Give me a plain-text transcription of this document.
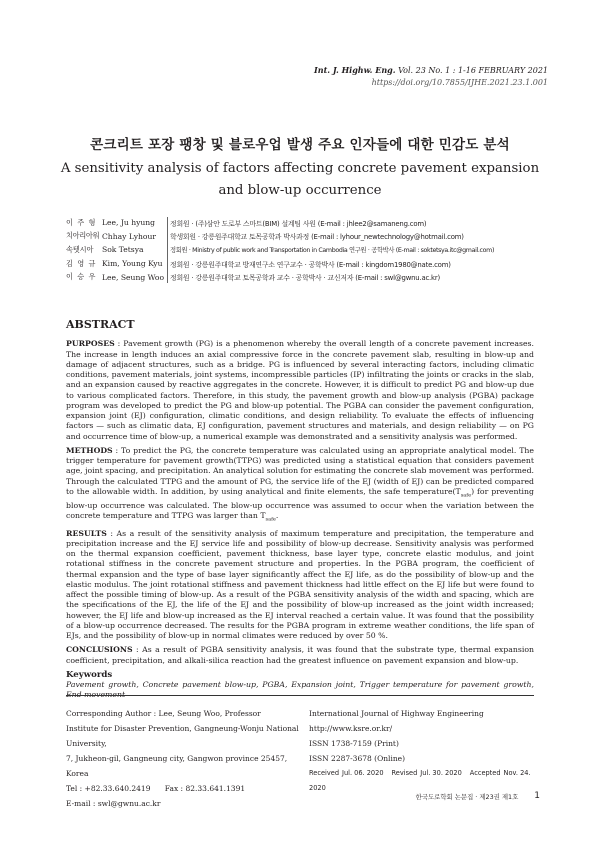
Int. J. Highw. Eng. Vol. 23 No. 1 : 1-16 FEBRUARY 2021
https://doi.org/10.7855/IJHE.2021.23.1.001
콘크리트 포장 팽창 및 블로우업 발생 주요 인자들에 대한 민감도 분석
A sensitivity analysis of factors affecting concrete pavement expansion
and blow-up occurrence
이 주 형 Lee, Ju hyung	정회원 · (주)삼안 도로부 스마트(BIM) 설계팀 사원 (E-mail : jhlee2@samaneng.com)
치아리아워 Chhay Lyhour	학생회원 · 강릉원주대학교 토목공학과 박사과정 (E-mail : lyhour_newtechnology@hotmail.com)
속텟시아	Sok Tetsya	정회원 · Ministry of public work and Transportation in Cambodia 연구원 · 공학박사 (E-mail : soktetsya.itc@gmail.com)
김 영 규 Kim, Young Kyu	정회원 · 강릉원주대학교 방재연구소 연구교수 · 공학박사 (E-mail : kingdom1980@nate.com)
이 승 우 Lee, Seung Woo 정회원 · 강릉원주대학교 토목공학과 교수 · 공학박사 · 교신저자 (E-mail : swl@gwnu.ac.kr)
ABSTRACT

PURPOSES : Pavement growth (PG) is a phenomenon whereby the overall length of a concrete pavement increases. The increase in length induces an axial compressive force in the concrete pavement slab, resulting in blow-up and damage of adjacent structures, such as a bridge. PG is influenced by several interacting factors, including climatic conditions, pavement materials, joint systems, incompressible particles (IP) infiltrating the joints or cracks in the slab, and an expansion caused by reactive aggregates in the concrete. However, it is difficult to predict PG and blow-up due to various complicated factors. Therefore, in this study, the pavement growth and blow-up analysis (PGBA) package program was developed to predict the PG and blow-up potential. The PGBA can consider the pavement configuration, expansion joint (EJ) configuration, climatic conditions, and design reliability. To evaluate the effects of influencing factors — such as climatic data, EJ configuration, pavement structures and materials, and design reliability — on PG and occurrence time of blow-up, a numerical example was demonstrated and a sensitivity analysis was performed.

METHODS : To predict the PG, the concrete temperature was calculated using an appropriate analytical model. The trigger temperature for pavement growth(TTPG) was predicted using a statistical equation that considers pavement age, joint spacing, and precipitation. An analytical solution for estimating the concrete slab movement was performed. Through the calculated TTPG and the amount of PG, the service life of the EJ (width of EJ) can be predicted compared to the allowable width. In addition, by using analytical and finite elements, the safe $temperature(T_{safe})$ for preventing blow-up occurrence was calculated. The blow-up occurrence was assumed to occur when the variation between the concrete temperature and TTPG was larger than $T_{safe}$.

RESULTS : As a result of the sensitivity analysis of maximum temperature and precipitation, the temperature and precipitation increase and the EJ service life and possibility of blow-up decrease. Sensitivity analysis was performed on the thermal expansion coefficient, pavement thickness, base layer type, concrete elastic modulus, and joint rotational stiffness in the concrete pavement structure and properties. In the PGBA program, the coefficient of thermal expansion and the type of base layer significantly affect the EJ life, as do the possibility of blow-up and the elastic modulus. The joint rotational stiffness and pavement thickness had little effect on the EJ life but were found to affect the possible timing of blow-up. As a result of the PGBA sensitivity analysis of the width and spacing, which are the specifications of the EJ, the life of the EJ and the possibility of blow-up increased as the joint width increased; however, the EJ life and blow-up increased as the EJ interval reached a certain value. It was found that the possibility of a blow-up occurrence decreased. The results for the PGBA program in extreme weather conditions, the life span of EJs, and the possibility of blow-up in normal climates were reduced by over 50 %.

CONCLUSIONS : As a result of PGBA sensitivity analysis, it was found that the substrate type, thermal expansion coefficient, precipitation, and alkali-silica reaction had the greatest influence on pavement expansion and blow-up.

Keywords
Pavement growth, Concrete pavement blow-up, PGBA, Expansion joint, Trigger temperature for pavement growth, End movement
Corresponding Author : Lee, Seung Woo, Professor
Institute for Disaster Prevention, Gangneung-Wonju National University,
7, Jukheon-gil, Gangneung city, Gangwon province 25457, Korea
Tel : +82.33.640.2419      Fax : 82.33.641.1391
E-mail : swl@gwnu.ac.kr
International Journal of Highway Engineering
http://www.ksre.or.kr/
ISSN 1738-7159 (Print)
ISSN 2287-3678 (Online)
Received Jul. 06. 2020 Revised Jul. 30. 2020 Accepted Nov. 24. 2020
한국도로학회 논문집 · 제23권 제1호 1
